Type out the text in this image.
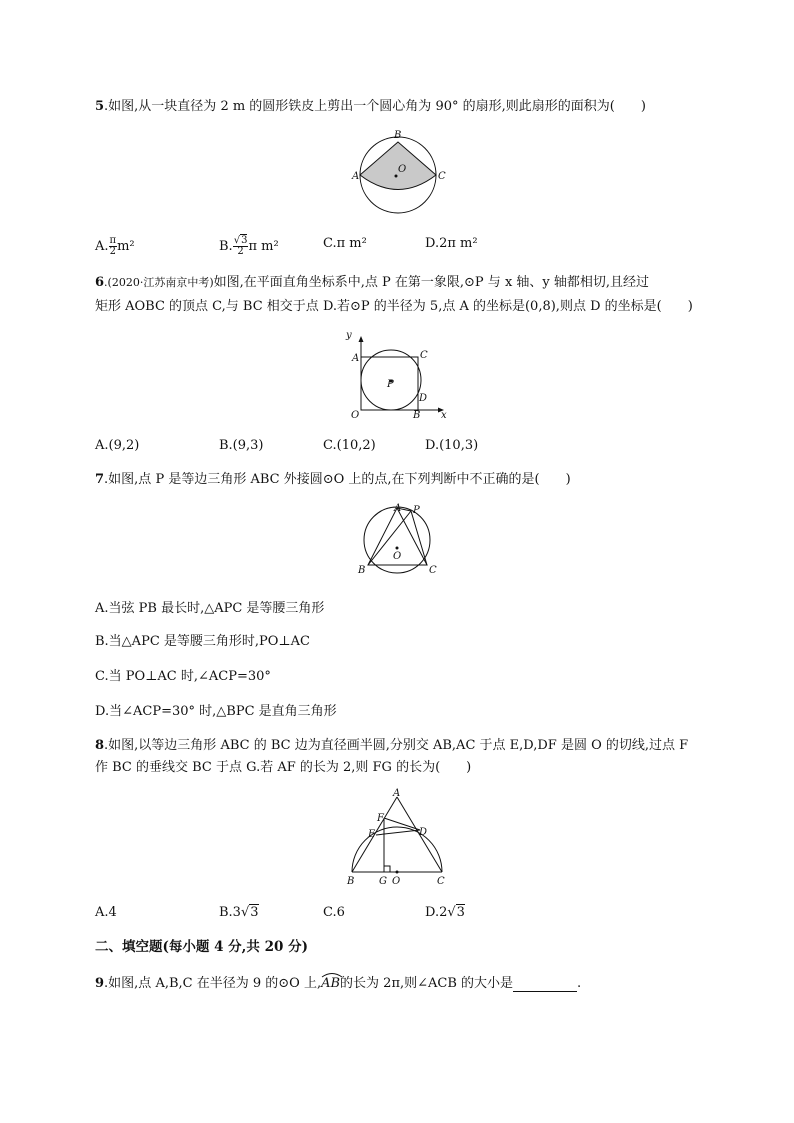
5.如图,从一块直径为 2 m 的圆形铁皮上剪出一个圆心角为 90° 的扇形,则此扇形的面积为(　　)
B
A	C
O
A. $\frac{\pi}{2} m^2$	B. $\frac{√3}{2}$ π m²	C.π m²	D.2π m²
6.(2020·江苏南京中考)如图,在平面直角坐标系中,点 P 在第一象限,⊙P 与 x 轴、y 轴都相切,且经过
矩形 AOBC 的顶点 C,与 BC 相交于点 D.若⊙P 的半径为 5,点 A 的坐标是(0,8),则点 D 的坐标是(　　)
y
A	C
P
D
O	B x
A.(9,2)	B.(9,3)	C.(10,2)	D.(10,3)
7.如图,点 P 是等边三角形 ABC 外接圆⊙O 上的点,在下列判断中不正确的是(　　)
A P
O
B	C
A.当弦 PB 最长时,△APC 是等腰三角形
B.当△APC 是等腰三角形时,PO⊥AC
C.当 PO⊥AC 时,∠ACP=30°
D.当∠ACP=30° 时,△BPC 是直角三角形
8.如图,以等边三角形 ABC 的 BC 边为直径画半圆,分别交 AB,AC 于点 E,D,DF 是圆 O 的切线,过点 F
作 BC 的垂线交 BC 于点 G.若 AF 的长为 2,则 FG 的长为(　　)
A
F
E	D
B G O	C
A.4	B.3√3	C.6	D.2√3
二、填空题(每小题 4 分,共 20 分)
9.如图,点 A,B,C 在半径为 9 的⊙O 上,
AB的长为 2π,则∠ACB 的大小是	.
